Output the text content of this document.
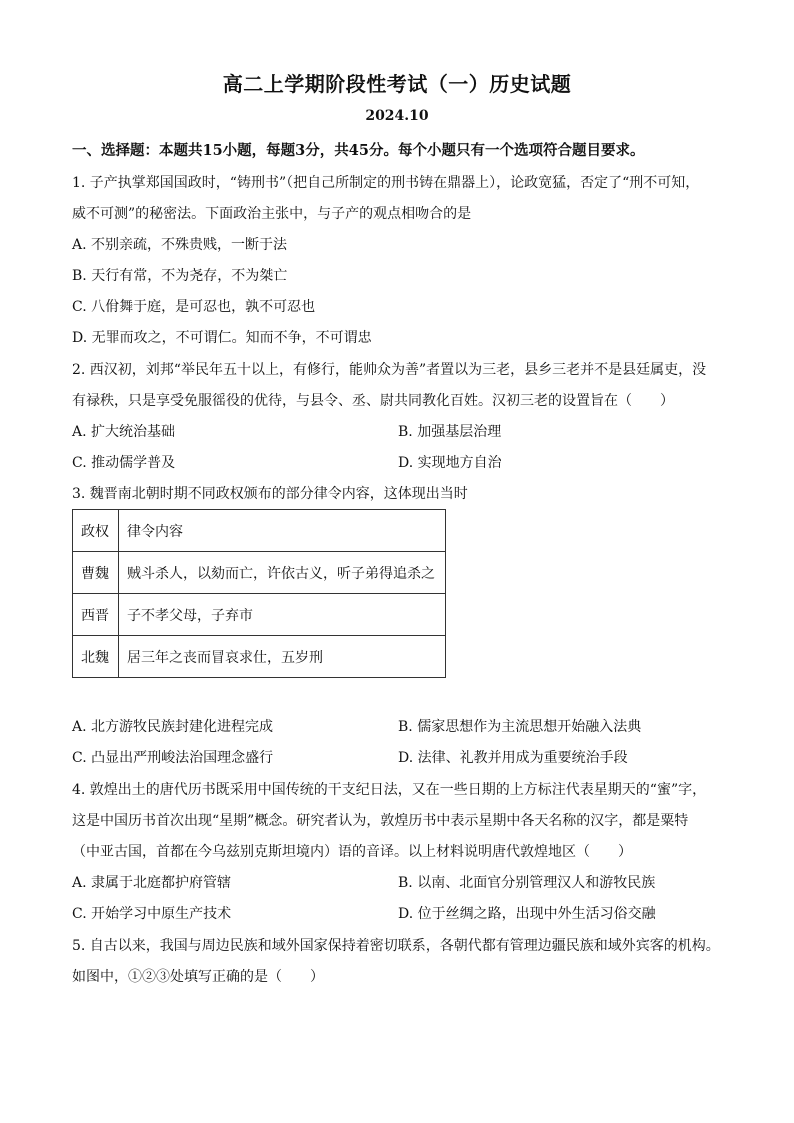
高二上学期阶段性考试（一）历史试题
2024.10
一、选择题：本题共15小题，每题3分，共45分。每个小题只有一个选项符合题目要求。
1. 子产执掌郑国国政时，“铸刑书”（把自己所制定的刑书铸在鼎器上），论政宽猛，否定了“刑不可知，
威不可测”的秘密法。下面政治主张中，与子产的观点相吻合的是
A. 不别亲疏，不殊贵贱，一断于法
B. 天行有常，不为尧存，不为桀亡
C. 八佾舞于庭，是可忍也，孰不可忍也
D. 无罪而攻之，不可谓仁。知而不争，不可谓忠
2. 西汉初，刘邦“举民年五十以上，有修行，能帅众为善”者置以为三老，县乡三老并不是县廷属吏，没
有禄秩，只是享受免服徭役的优待，与县令、丞、尉共同教化百姓。汉初三老的设置旨在（　　）
A. 扩大统治基础	B. 加强基层治理
C. 推动儒学普及	D. 实现地方自治
3. 魏晋南北朝时期不同政权颁布的部分律令内容，这体现出当时
政权	律令内容
曹魏	贼斗杀人，以劾而亡，许依古义，听子弟得追杀之
西晋	子不孝父母，子弃市
北魏	居三年之丧而冒哀求仕，五岁刑
A. 北方游牧民族封建化进程完成	B. 儒家思想作为主流思想开始融入法典
C. 凸显出严刑峻法治国理念盛行	D. 法律、礼教并用成为重要统治手段
4. 敦煌出土的唐代历书既采用中国传统的干支纪日法，又在一些日期的上方标注代表星期天的“蜜”字，
这是中国历书首次出现“星期”概念。研究者认为，敦煌历书中表示星期中各天名称的汉字，都是粟特
（中亚古国，首都在今乌兹别克斯坦境内）语的音译。以上材料说明唐代敦煌地区（　　）
A. 隶属于北庭都护府管辖	B. 以南、北面官分别管理汉人和游牧民族
C. 开始学习中原生产技术	D. 位于丝绸之路，出现中外生活习俗交融
5. 自古以来，我国与周边民族和域外国家保持着密切联系，各朝代都有管理边疆民族和域外宾客的机构。
如图中，①②③处填写正确的是（　　）
